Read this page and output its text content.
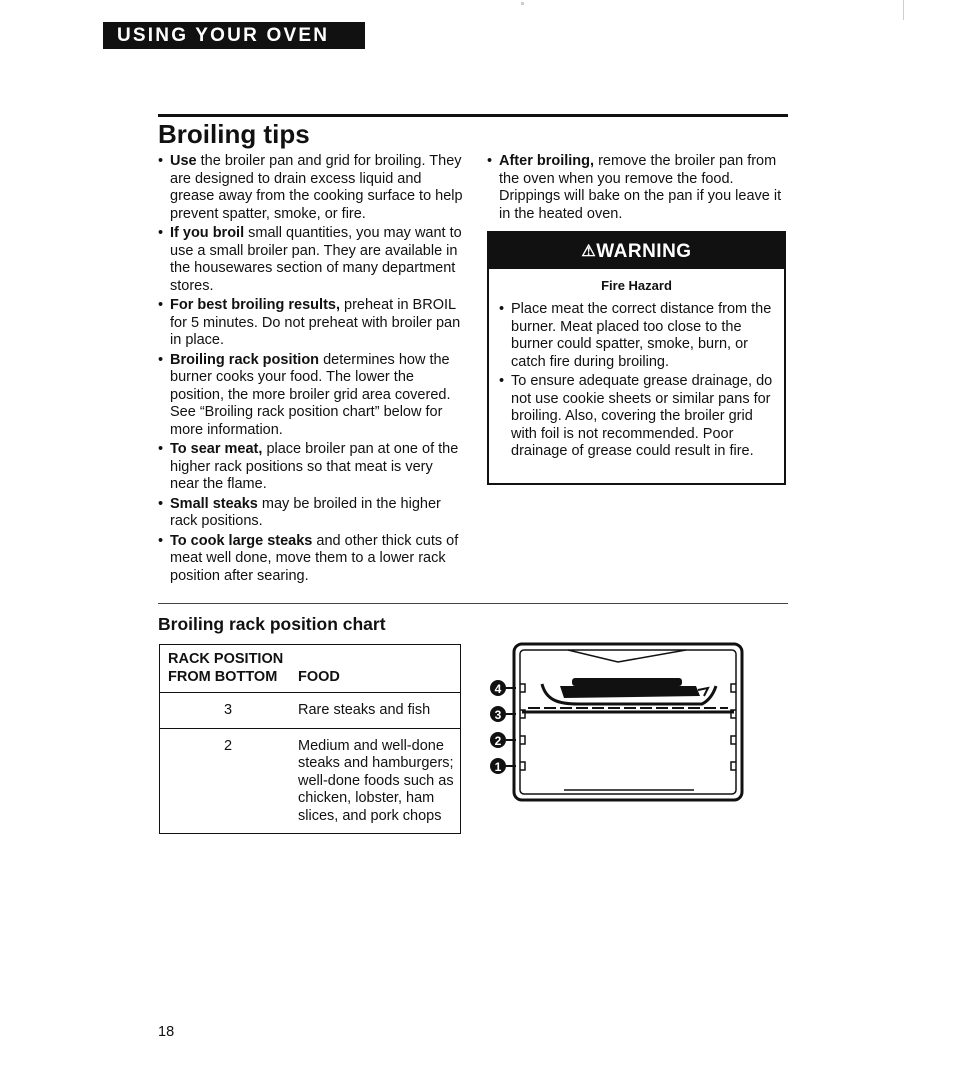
USING YOUR OVEN
Broiling tips
• Use the broiler pan and grid for broiling. They are designed to drain excess liquid and grease away from the cooking surface to help prevent spatter, smoke, or fire.
• If you broil small quantities, you may want to use a small broiler pan. They are available in the housewares section of many department stores.
• For best broiling results, preheat in BROIL for 5 minutes. Do not preheat with broiler pan in place.
• Broiling rack position determines how the burner cooks your food. The lower the position, the more broiler grid area covered. See “Broiling rack position chart” below for more information.
• To sear meat, place broiler pan at one of the higher rack positions so that meat is very near the flame.
• Small steaks may be broiled in the higher rack positions.
• To cook large steaks and other thick cuts of meat well done, move them to a lower rack position after searing.
• After broiling, remove the broiler pan from the oven when you remove the food. Drippings will bake on the pan if you leave it in the heated oven.
⚠WARNING
Fire Hazard
• Place meat the correct distance from the burner. Meat placed too close to the burner could spatter, smoke, burn, or catch fire during broiling.
• To ensure adequate grease drainage, do not use cookie sheets or similar pans for broiling. Also, covering the broiler grid with foil is not recommended. Poor drainage of grease could result in fire.
Broiling rack position chart
RACK POSITION FROM BOTTOM	FOOD
3	Rare steaks and fish
2	Medium and well-done steaks and hamburgers; well-done foods such as chicken, lobster, ham slices, and pork chops
4
3
2
1
18
